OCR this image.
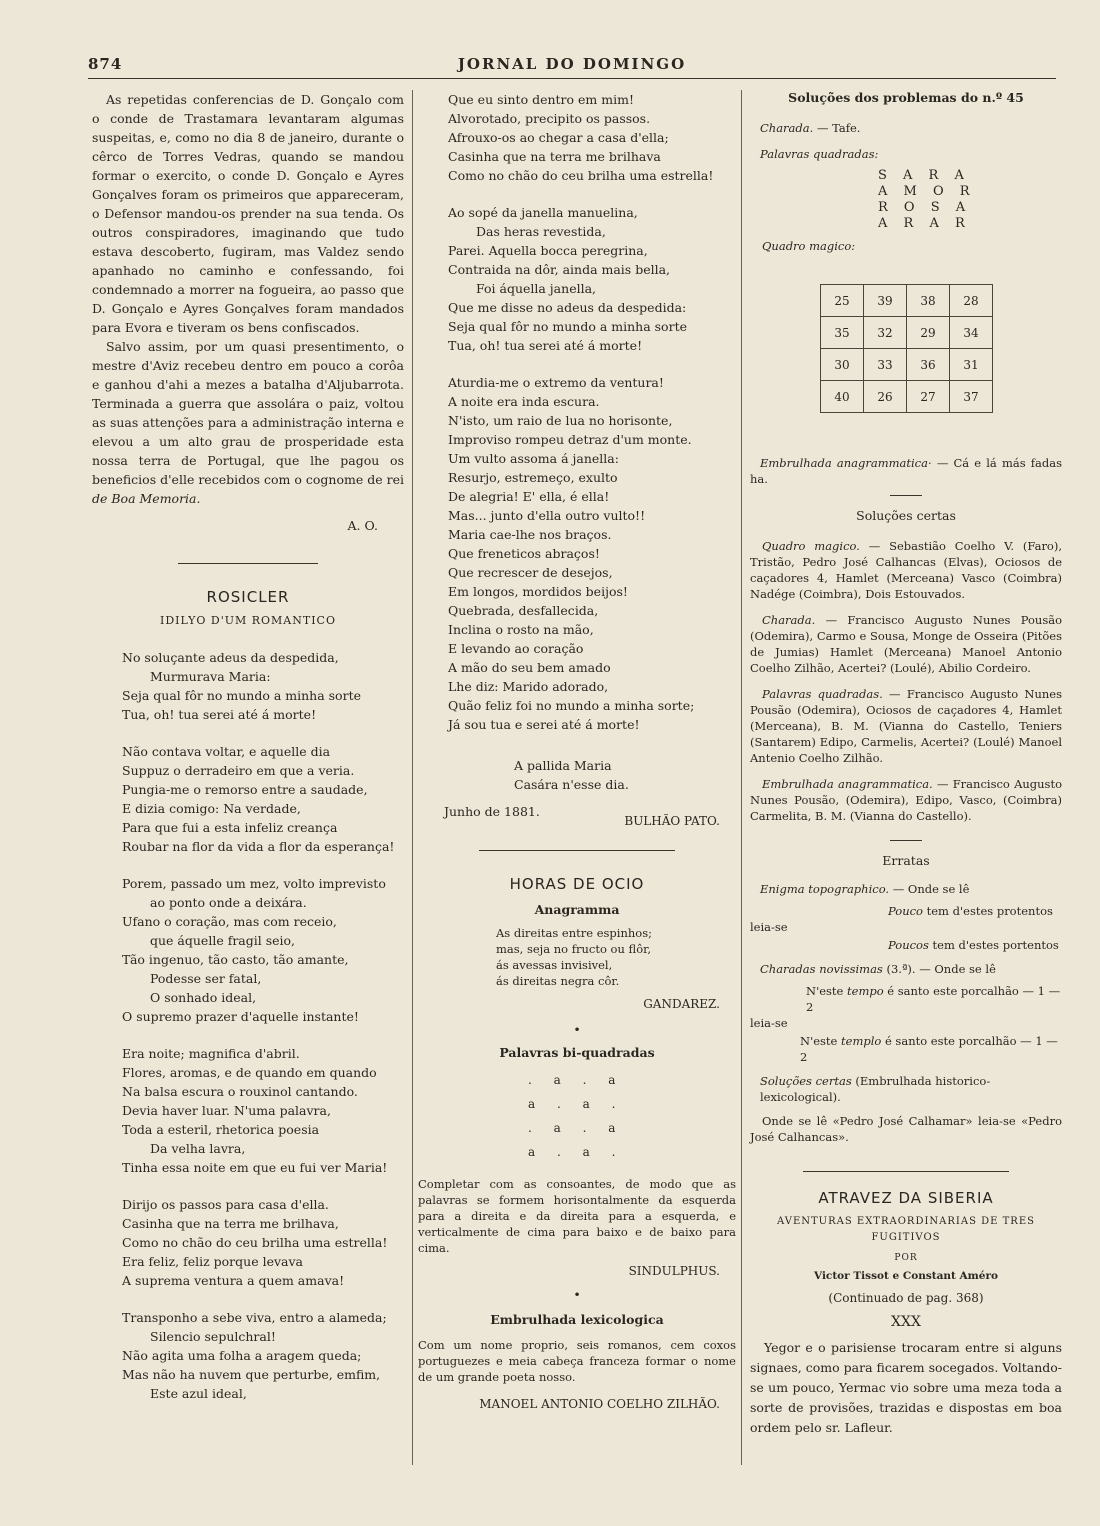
874	JORNAL DO DOMINGO

As repetidas conferencias de D. Gonçalo com o conde de Trastamara levantaram algumas suspeitas, e, como no dia 8 de janeiro, durante o cêrco de Torres Vedras, quando se mandou formar o exercito, o conde D. Gonçalo e Ayres Gonçalves foram os primeiros que appareceram, o Defensor mandou-os prender na sua tenda. Os outros conspiradores, imaginando que tudo estava descoberto, fugiram, mas Valdez sendo apanhado no caminho e confessando, foi condemnado a morrer na fogueira, ao passo que D. Gonçalo e Ayres Gonçalves foram mandados para Evora e tiveram os bens confiscados.

Salvo assim, por um quasi presentimento, o mestre d'Aviz recebeu dentro em pouco a corôa e ganhou d'ahi a mezes a batalha d'Aljubarrota. Terminada a guerra que assolára o paiz, voltou as suas attenções para a administração interna e elevou a um alto grau de prosperidade esta nossa terra de Portugal, que lhe pagou os beneficios d'elle recebidos com o cognome de rei de Boa Memoria.

A. O.
ROSICLER
IDILYO D'UM ROMANTICO
No soluçante adeus da despedida,
Murmurava Maria:
Seja qual fôr no mundo a minha sorte
Tua, oh! tua serei até á morte!
Não contava voltar, e aquelle dia
Suppuz o derradeiro em que a veria.
Pungia-me o remorso entre a saudade,
E dizia comigo: Na verdade,
Para que fui a esta infeliz creança
Roubar na flor da vida a flor da esperança!
Porem, passado um mez, volto imprevisto
ao ponto onde a deixára.
Ufano o coração, mas com receio,
que áquelle fragil seio,
Tão ingenuo, tão casto, tão amante,
Podesse ser fatal,
O sonhado ideal,
O supremo prazer d'aquelle instante!
Era noite; magnifica d'abril.
Flores, aromas, e de quando em quando
Na balsa escura o rouxinol cantando.
Devia haver luar. N'uma palavra,
Toda a esteril, rhetorica poesia
Da velha lavra,
Tinha essa noite em que eu fui ver Maria!
Dirijo os passos para casa d'ella.
Casinha que na terra me brilhava,
Como no chão do ceu brilha uma estrella!
Era feliz, feliz porque levava
A suprema ventura a quem amava!
Transponho a sebe viva, entro a alameda;
Silencio sepulchral!
Não agita uma folha a aragem queda;
Mas não ha nuvem que perturbe, emfim,
Este azul ideal,
Que eu sinto dentro em mim!
Alvorotado, precipito os passos.
Afrouxo-os ao chegar a casa d'ella;
Casinha que na terra me brilhava
Como no chão do ceu brilha uma estrella!
Ao sopé da janella manuelina,
Das heras revestida,
Parei. Aquella bocca peregrina,
Contraida na dôr, ainda mais bella,
Foi áquella janella,
Que me disse no adeus da despedida:
Seja qual fôr no mundo a minha sorte
Tua, oh! tua serei até á morte!
Aturdia-me o extremo da ventura!
A noite era inda escura.
N'isto, um raio de lua no horisonte,
Improviso rompeu detraz d'um monte.
Um vulto assoma á janella:
Resurjo, estremeço, exulto
De alegria! E' ella, é ella!
Mas... junto d'ella outro vulto!!
Maria cae-lhe nos braços.
Que freneticos abraços!
Que recrescer de desejos,
Em longos, mordidos beijos!
Quebrada, desfallecida,
Inclina o rosto na mão,
E levando ao coração
A mão do seu bem amado
Lhe diz: Marido adorado,
Quão feliz foi no mundo a minha sorte;
Já sou tua e serei até á morte!
A pallida Maria
Casára n'esse dia.
Junho de 1881.
BULHÃO PATO.
HORAS DE OCIO
Anagramma
As direitas entre espinhos;
mas, seja no fructo ou flôr,
ás avessas invisivel,
ás direitas negra côr.
GANDAREZ.
•
Palavras bi-quadradas
. a . a
a . a .
. a . a
a . a .

Completar com as consoantes, de modo que as palavras se formem horisontalmente da esquerda para a direita e da direita para a esquerda, e verticalmente de cima para baixo e de baixo para cima.

SINDULPHUS.
•
Embrulhada lexicologica

Com um nome proprio, seis romanos, cem coxos portuguezes e meia cabeça franceza formar o nome de um grande poeta nosso.

MANOEL ANTONIO COELHO ZILHÃO.
Soluções dos problemas do n.º 45
Charada. — Tafe.
Palavras quadradas:
S A R A
A M O R
R O S A
A R A R
Quadro magico:
25	39	38	28
35	32	29	34
30	33	36	31
40	26	27	37

Embrulhada anagrammatica· — Cá e lá más fadas ha.

Soluções certas

Quadro magico. — Sebastião Coelho V. (Faro), Tristão, Pedro José Calhancas (Elvas), Ociosos de caçadores 4, Hamlet (Merceana) Vasco (Coimbra) Nadége (Coimbra), Dois Estouvados.

Charada. — Francisco Augusto Nunes Pousão (Odemira), Carmo e Sousa, Monge de Osseira (Pitões de Jumias) Hamlet (Merceana) Manoel Antonio Coelho Zilhão, Acertei? (Loulé), Abilio Cordeiro.

Palavras quadradas. — Francisco Augusto Nunes Pousão (Odemira), Ociosos de caçadores 4, Hamlet (Merceana), B. M. (Vianna do Castello, Teniers (Santarem) Edipo, Carmelis, Acertei? (Loulé) Manoel Antenio Coelho Zilhão.

Embrulhada anagrammatica. — Francisco Augusto Nunes Pousão, (Odemira), Edipo, Vasco, (Coimbra) Carmelita, B. M. (Vianna do Castello).

Erratas
Enigma topographico. — Onde se lê
Pouco tem d'estes protentos
leia-se
Poucos tem d'estes portentos
Charadas novissimas (3.ª). — Onde se lê
N'este tempo é santo este porcalhão — 1 — 2
leia-se
N'este templo é santo este porcalhão — 1 — 2
Soluções certas (Embrulhada historico-lexicological).

Onde se lê «Pedro José Calhamar» leia-se «Pedro José Calhancas».

ATRAVEZ DA SIBERIA
AVENTURAS EXTRAORDINARIAS DE TRES FUGITIVOS
POR
Victor Tissot e Constant Améro
(Continuado de pag. 368)
XXX

Yegor e o parisiense trocaram entre si alguns signaes, como para ficarem socegados. Voltando-se um pouco, Yermac vio sobre uma meza toda a sorte de provisões, trazidas e dispostas em boa ordem pelo sr. Lafleur.
